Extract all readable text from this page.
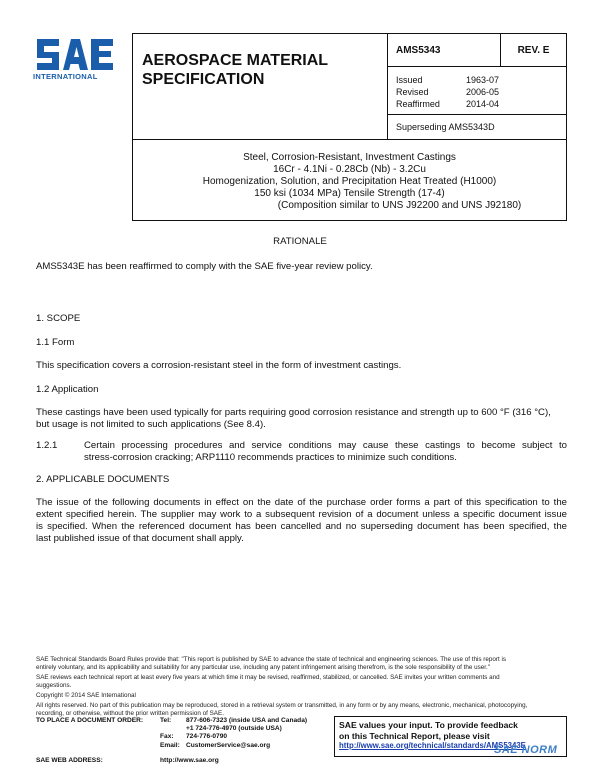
INTERNATIONAL
AEROSPACE MATERIAL
SPECIFICATION
AMS5343	REV. E
Issued	1963-07
Revised	2006-05
Reaffirmed	2014-04
Superseding AMS5343D
Steel, Corrosion-Resistant, Investment Castings
16Cr - 4.1Ni - 0.28Cb (Nb) - 3.2Cu
Homogenization, Solution, and Precipitation Heat Treated (H1000)
150 ksi (1034 MPa) Tensile Strength (17-4)
(Composition similar to UNS J92200 and UNS J92180)
RATIONALE
AMS5343E has been reaffirmed to comply with the SAE five-year review policy.
1. SCOPE
1.1 Form
This specification covers a corrosion-resistant steel in the form of investment castings.
1.2 Application
These castings have been used typically for parts requiring good corrosion resistance and strength up to 600 °F (316 °C),
but usage is not limited to such applications (See 8.4).
1.2.1	Certain processing procedures and service conditions may cause these castings to become subject to
stress-corrosion cracking; ARP1110 recommends practices to minimize such conditions.
2. APPLICABLE DOCUMENTS
The issue of the following documents in effect on the date of the purchase order forms a part of this specification to the
extent specified herein. The supplier may work to a subsequent revision of a document unless a specific document issue
is specified. When the referenced document has been cancelled and no superseding document has been specified, the
last published issue of that document shall apply.
SAE Technical Standards Board Rules provide that: "This report is published by SAE to advance the state of technical and engineering sciences. The use of this report is
entirely voluntary, and its applicability and suitability for any particular use, including any patent infringement arising therefrom, is the sole responsibility of the user."
SAE reviews each technical report at least every five years at which time it may be revised, reaffirmed, stabilized, or cancelled. SAE invites your written comments and
suggestions.
Copyright © 2014 SAE International
All rights reserved. No part of this publication may be reproduced, stored in a retrieval system or transmitted, in any form or by any means, electronic, mechanical, photocopying,
recording, or otherwise, without the prior written permission of SAE.
TO PLACE A DOCUMENT ORDER:	Tel:	877-606-7323 (inside USA and Canada)
+1 724-776-4970 (outside USA)
Fax:	724-776-0790
Email: CustomerService@sae.org
SAE WEB ADDRESS:	http://www.sae.org
SAE values your input. To provide feedback
on this Technical Report, please visit
http://www.sae.org/technical/standards/AMS5343E
SAE NORM
